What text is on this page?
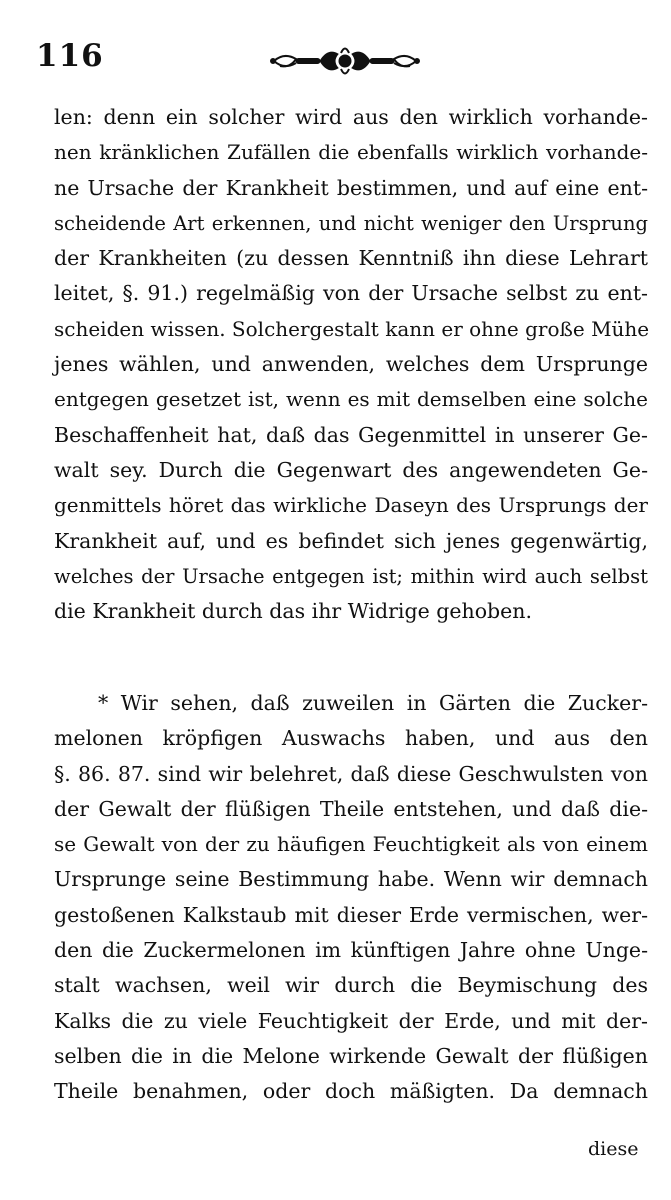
116
len: denn ein solcher wird aus den wirklich vorhande-
nen kränklichen Zufällen die ebenfalls wirklich vorhande-
ne Ursache der Krankheit bestimmen, und auf eine ent-
scheidende Art erkennen, und nicht weniger den Ursprung
der Krankheiten (zu dessen Kenntniß ihn diese Lehrart
leitet, §. 91.) regelmäßig von der Ursache selbst zu ent-
scheiden wissen. Solchergestalt kann er ohne große Mühe
jenes wählen, und anwenden, welches dem Ursprunge
entgegen gesetzet ist, wenn es mit demselben eine solche
Beschaffenheit hat, daß das Gegenmittel in unserer Ge-
walt sey. Durch die Gegenwart des angewendeten Ge-
genmittels höret das wirkliche Daseyn des Ursprungs der
Krankheit auf, und es befindet sich jenes gegenwärtig,
welches der Ursache entgegen ist; mithin wird auch selbst
die Krankheit durch das ihr Widrige gehoben.
* Wir sehen, daß zuweilen in Gärten die Zucker-
melonen kröpfigen Auswachs haben, und aus den
§. 86. 87. sind wir belehret, daß diese Geschwulsten von
der Gewalt der flüßigen Theile entstehen, und daß die-
se Gewalt von der zu häufigen Feuchtigkeit als von einem
Ursprunge seine Bestimmung habe. Wenn wir demnach
gestoßenen Kalkstaub mit dieser Erde vermischen, wer-
den die Zuckermelonen im künftigen Jahre ohne Unge-
stalt wachsen, weil wir durch die Beymischung des
Kalks die zu viele Feuchtigkeit der Erde, und mit der-
selben die in die Melone wirkende Gewalt der flüßigen
Theile benahmen, oder doch mäßigten. Da demnach
diese
